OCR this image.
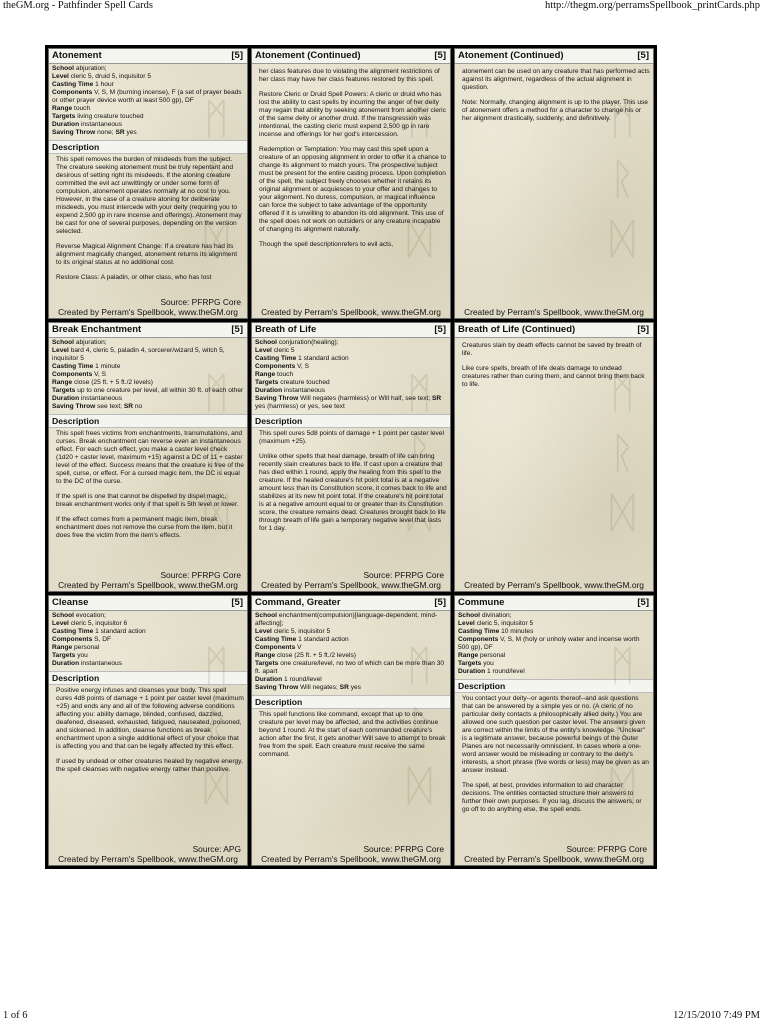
theGM.org - Pathfinder Spell Cards	http://thegm.org/perramsSpellbook_printCards.php
ᛗ
ᚱ
ᛞ
Atonement	[5]
School abjuration;
Level cleric 5, druid 5, inquisitor 5
Casting Time 1 hour
Components V, S, M (burning incense), F (a set of prayer beads or other prayer device worth at least 500 gp), DF
Range touch
Targets living creature touched
Duration instantaneous
Saving Throw none; SR yes
Description

This spell removes the burden of misdeeds from the subject. The creature seeking atonement must be truly repentant and desirous of setting right its misdeeds. If the atoning creature committed the evil act unwittingly or under some form of compulsion, atonement operates normally at no cost to you. However, in the case of a creature atoning for deliberate misdeeds, you must intercede with your deity (requiring you to expend 2,500 gp in rare incense and offerings). Atonement may be cast for one of several purposes, depending on the version selected.

Reverse Magical Alignment Change: If a creature has had its alignment magically changed, atonement returns its alignment to its original status at no additional cost.

Restore Class: A paladin, or other class, who has lost

Source: PFRPG Core
Created by Perram's Spellbook, www.theGM.org
ᛗ
ᚱ
ᛞ
Atonement (Continued)	[5]

her class features due to violating the alignment restrictions of her class may have her class features restored by this spell.

Restore Cleric or Druid Spell Powers: A cleric or druid who has lost the ability to cast spells by incurring the anger of her deity may regain that ability by seeking atonement from another cleric of the same deity or another druid. If the transgression was intentional, the casting cleric must expend 2,500 gp in rare incense and offerings for her god's intercession.

Redemption or Temptation: You may cast this spell upon a creature of an opposing alignment in order to offer it a chance to change its alignment to match yours. The prospective subject must be present for the entire casting process. Upon completion of the spell, the subject freely chooses whether it retains its original alignment or acquiesces to your offer and changes to your alignment. No duress, compulsion, or magical influence can force the subject to take advantage of the opportunity offered if it is unwilling to abandon its old alignment. This use of the spell does not work on outsiders or any creature incapable of changing its alignment naturally.

Though the spell descriptionrefers to evil acts,

Created by Perram's Spellbook, www.theGM.org
ᛗ
ᚱ
ᛞ
Atonement (Continued)	[5]

atonement can be used on any creature that has performed acts against its alignment, regardless of the actual alignment in question.

Note: Normally, changing alignment is up to the player. This use of atonement offers a method for a character to change his or her alignment drastically, suddenly, and definitively.

Created by Perram's Spellbook, www.theGM.org
ᛗ
ᚱ
ᛞ
Break Enchantment	[5]
School abjuration;
Level bard 4, cleric 5, paladin 4, sorcerer/wizard 5, witch 5, inquisitor 5
Casting Time 1 minute
Components V, S
Range close (25 ft. + 5 ft./2 levels)
Targets up to one creature per level, all within 30 ft. of each other
Duration instantaneous
Saving Throw see text; SR no
Description

This spell frees victims from enchantments, transmutations, and curses. Break enchantment can reverse even an instantaneous effect. For each such effect, you make a caster level check (1d20 + caster level, maximum +15) against a DC of 11 + caster level of the effect. Success means that the creature is free of the spell, curse, or effect. For a cursed magic item, the DC is equal to the DC of the curse.

If the spell is one that cannot be dispelled by dispel magic, break enchantment works only if that spell is 5th level or lower.

If the effect comes from a permanent magic item, break enchantment does not remove the curse from the item, but it does free the victim from the item's effects.

Source: PFRPG Core
Created by Perram's Spellbook, www.theGM.org
ᛗ
ᚱ
ᛞ
Breath of Life	[5]
School conjuration(healing);
Level cleric 5
Casting Time 1 standard action
Components V, S
Range touch
Targets creature touched
Duration instantaneous
Saving Throw Will negates (harmless) or Will half, see text; SR yes (harmless) or yes, see text
Description

This spell cures 5d8 points of damage + 1 point per caster level (maximum +25).

Unlike other spells that heal damage, breath of life can bring recently slain creatures back to life. If cast upon a creature that has died within 1 round, apply the healing from this spell to the creature. If the healed creature's hit point total is at a negative amount less than its Constitution score, it comes back to life and stabilizes at its new hit point total. If the creature's hit point total is at a negative amount equal to or greater than its Constitution score, the creature remains dead. Creatures brought back to life through breath of life gain a temporary negative level that lasts for 1 day.

Source: PFRPG Core
Created by Perram's Spellbook, www.theGM.org
ᛗ
ᚱ
ᛞ
Breath of Life (Continued)	[5]

Creatures slain by death effects cannot be saved by breath of life.

Like cure spells, breath of life deals damage to undead creatures rather than curing them, and cannot bring them back to life.

Created by Perram's Spellbook, www.theGM.org
ᛗ
ᚱ
ᛞ
Cleanse	[5]
School evocation;
Level cleric 5, inquisitor 6
Casting Time 1 standard action
Components S, DF
Range personal
Targets you
Duration instantaneous
Description

Positive energy infuses and cleanses your body. This spell cures 4d8 points of damage + 1 point per caster level (maximum +25) and ends any and all of the following adverse conditions affecting you: ability damage, blinded, confused, dazzled, deafened, diseased, exhausted, fatigued, nauseated, poisoned, and sickened. In addition, cleanse functions as break enchantment upon a single additional effect of your choice that is affecting you and that can be legally affected by this effect.

If used by undead or other creatures healed by negative energy, the spell cleanses with negative energy rather than positive.

Source: APG
Created by Perram's Spellbook, www.theGM.org
ᛗ
ᚱ
ᛞ
Command, Greater	[5]
School enchantment(compulsion)[language-dependent, mind-affecting];
Level cleric 5, inquisitor 5
Casting Time 1 standard action
Components V
Range close (25 ft. + 5 ft./2 levels)
Targets one creature/level, no two of which can be more than 30 ft. apart
Duration 1 round/level
Saving Throw Will negates; SR yes
Description

This spell functions like command, except that up to one creature per level may be affected, and the activities continue beyond 1 round. At the start of each commanded creature's action after the first, it gets another Will save to attempt to break free from the spell. Each creature must receive the same command.

Source: PFRPG Core
Created by Perram's Spellbook, www.theGM.org
ᛗ
ᚱ
ᛞ
Commune	[5]
School divination;
Level cleric 5, inquisitor 5
Casting Time 10 minutes
Components V, S, M (holy or unholy water and incense worth 500 gp), DF
Range personal
Targets you
Duration 1 round/level
Description

You contact your deity--or agents thereof--and ask questions that can be answered by a simple yes or no. (A cleric of no particular deity contacts a philosophically allied deity.) You are allowed one such question per caster level. The answers given are correct within the limits of the entity's knowledge. "Unclear" is a legitimate answer, because powerful beings of the Outer Planes are not necessarily omniscient. In cases where a one-word answer would be misleading or contrary to the deity's interests, a short phrase (five words or less) may be given as an answer instead.

The spell, at best, provides information to aid character decisions. The entities contacted structure their answers to further their own purposes. If you lag, discuss the answers, or go off to do anything else, the spell ends.

Source: PFRPG Core
Created by Perram's Spellbook, www.theGM.org
1 of 6	12/15/2010 7:49 PM
